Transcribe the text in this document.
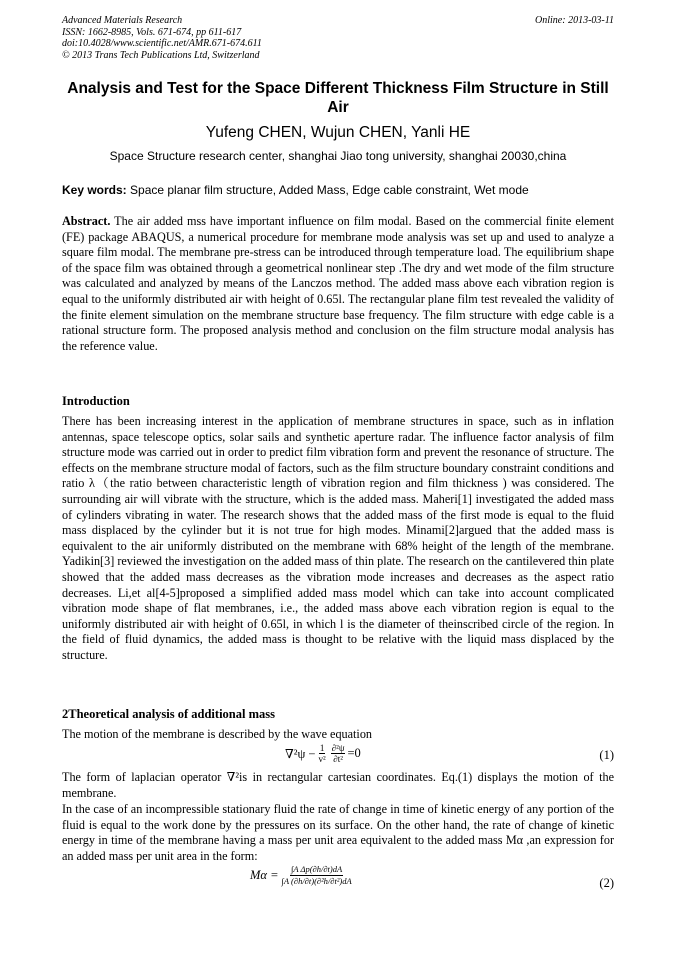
Advanced Materials Research
ISSN: 1662-8985, Vols. 671-674, pp 611-617
doi:10.4028/www.scientific.net/AMR.671-674.611
© 2013 Trans Tech Publications Ltd, Switzerland
Online: 2013-03-11
Analysis and Test for the Space Different Thickness Film Structure in Still Air
Yufeng CHEN, Wujun CHEN, Yanli HE
Space Structure research center, shanghai Jiao tong university, shanghai 20030,china
Key words: Space planar film structure, Added Mass, Edge cable constraint, Wet mode
Abstract. The air added mss have important influence on film modal. Based on the commercial finite element (FE) package ABAQUS, a numerical procedure for membrane mode analysis was set up and used to analyze a square film modal. The membrane pre-stress can be introduced through temperature load. The equilibrium shape of the space film was obtained through a geometrical nonlinear step .The dry and wet mode of the film structure was calculated and analyzed by means of the Lanczos method. The added mass above each vibration region is equal to the uniformly distributed air with height of 0.65l. The rectangular plane film test revealed the validity of the finite element simulation on the membrane structure base frequency. The film structure with edge cable is a rational structure form. The proposed analysis method and conclusion on the film structure modal analysis has the reference value.
Introduction
There has been increasing interest in the application of membrane structures in space, such as in inflation antennas, space telescope optics, solar sails and synthetic aperture radar. The influence factor analysis of film structure mode was carried out in order to predict film vibration form and prevent the resonance of structure. The effects on the membrane structure modal of factors, such as the film structure boundary constraint conditions and ratio λ（the ratio between characteristic length of vibration region and film thickness ) was considered. The surrounding air will vibrate with the structure, which is the added mass. Maheri[1] investigated the added mass of cylinders vibrating in water. The research shows that the added mass of the first mode is equal to the fluid mass displaced by the cylinder but it is not true for high modes. Minami[2]argued that the added mass is equivalent to the air uniformly distributed on the membrane with 68% height of the length of the membrane. Yadikin[3] reviewed the investigation on the added mass of thin plate. The research on the cantilevered thin plate showed that the added mass decreases as the vibration mode increases and decreases as the aspect ratio decreases. Li,et al[4-5]proposed a simplified added mass model which can take into account complicated vibration mode shape of flat membranes, i.e., the added mass above each vibration region is equal to the uniformly distributed air with height of 0.65l, in which l is the diameter of theinscribed circle of the region. In the field of fluid dynamics, the added mass is thought to be relative with the liquid mass displaced by the structure.
2Theoretical analysis of additional mass
The motion of the membrane is described by the wave equation
$\nabla^2\psi - \frac{1}{\text{v²}} \frac{\text{∂²ψ}}{\text{∂t²}} =0$	(1)
The form of laplacian operator ∇²is in rectangular cartesian coordinates. Eq.(1) displays the motion of the membrane.
In the case of an incompressible stationary fluid the rate of change in time of kinetic energy of any portion of the fluid is equal to the work done by the pressures on its surface. On the other hand, the rate of change of kinetic energy in time of the membrane having a mass per unit area equivalent to the added mass Mα ,an expression for an added mass per unit area in the form:
$M\alpha = \frac{\text{∫A Δp(∂h/∂t)dA}}{\text{∫A (∂h/∂t)(∂²h/∂t²)dA}}$	(2)
